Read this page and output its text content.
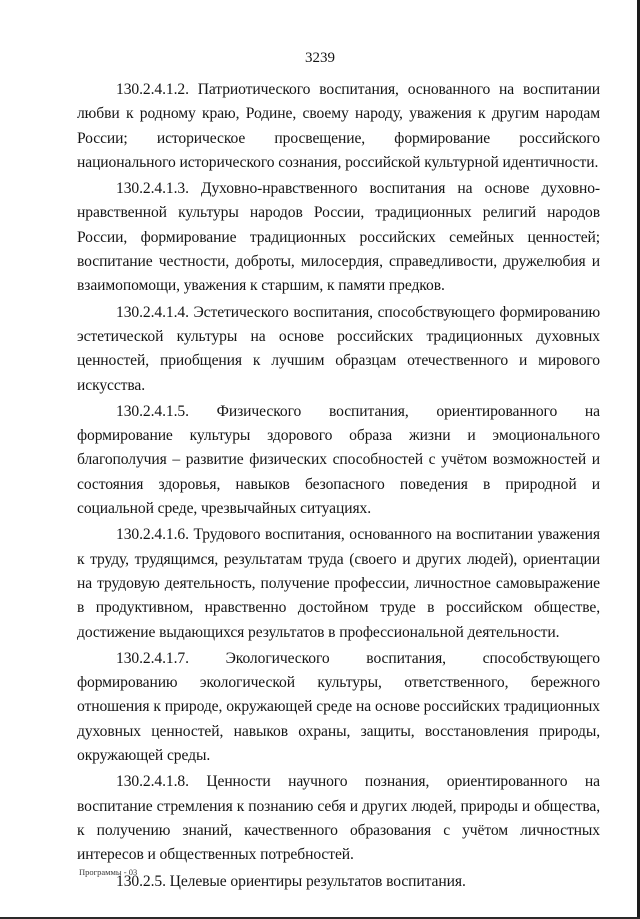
3239

130.2.4.1.2. Патриотического воспитания, основанного на воспитании любви к родному краю, Родине, своему народу, уважения к другим народам России; историческое просвещение, формирование российского национального исторического сознания, российской культурной идентичности.

130.2.4.1.3. Духовно-нравственного воспитания на основе духовно-нравственной культуры народов России, традиционных религий народов России, формирование традиционных российских семейных ценностей; воспитание честности, доброты, милосердия, справедливости, дружелюбия и взаимопомощи, уважения к старшим, к памяти предков.

130.2.4.1.4. Эстетического воспитания, способствующего формированию эстетической культуры на основе российских традиционных духовных ценностей, приобщения к лучшим образцам отечественного и мирового искусства.

130.2.4.1.5. Физического воспитания, ориентированного на формирование культуры здорового образа жизни и эмоционального благополучия – развитие физических способностей с учётом возможностей и состояния здоровья, навыков безопасного поведения в природной и социальной среде, чрезвычайных ситуациях.

130.2.4.1.6. Трудового воспитания, основанного на воспитании уважения к труду, трудящимся, результатам труда (своего и других людей), ориентации на трудовую деятельность, получение профессии, личностное самовыражение в продуктивном, нравственно достойном труде в российском обществе, достижение выдающихся результатов в профессиональной деятельности.

130.2.4.1.7. Экологического воспитания, способствующего формированию экологической культуры, ответственного, бережного отношения к природе, окружающей среде на основе российских традиционных духовных ценностей, навыков охраны, защиты, восстановления природы, окружающей среды.

130.2.4.1.8. Ценности научного познания, ориентированного на воспитание стремления к познанию себя и других людей, природы и общества, к получению знаний, качественного образования с учётом личностных интересов и общественных потребностей.

130.2.5. Целевые ориентиры результатов воспитания.

Программы - 03
